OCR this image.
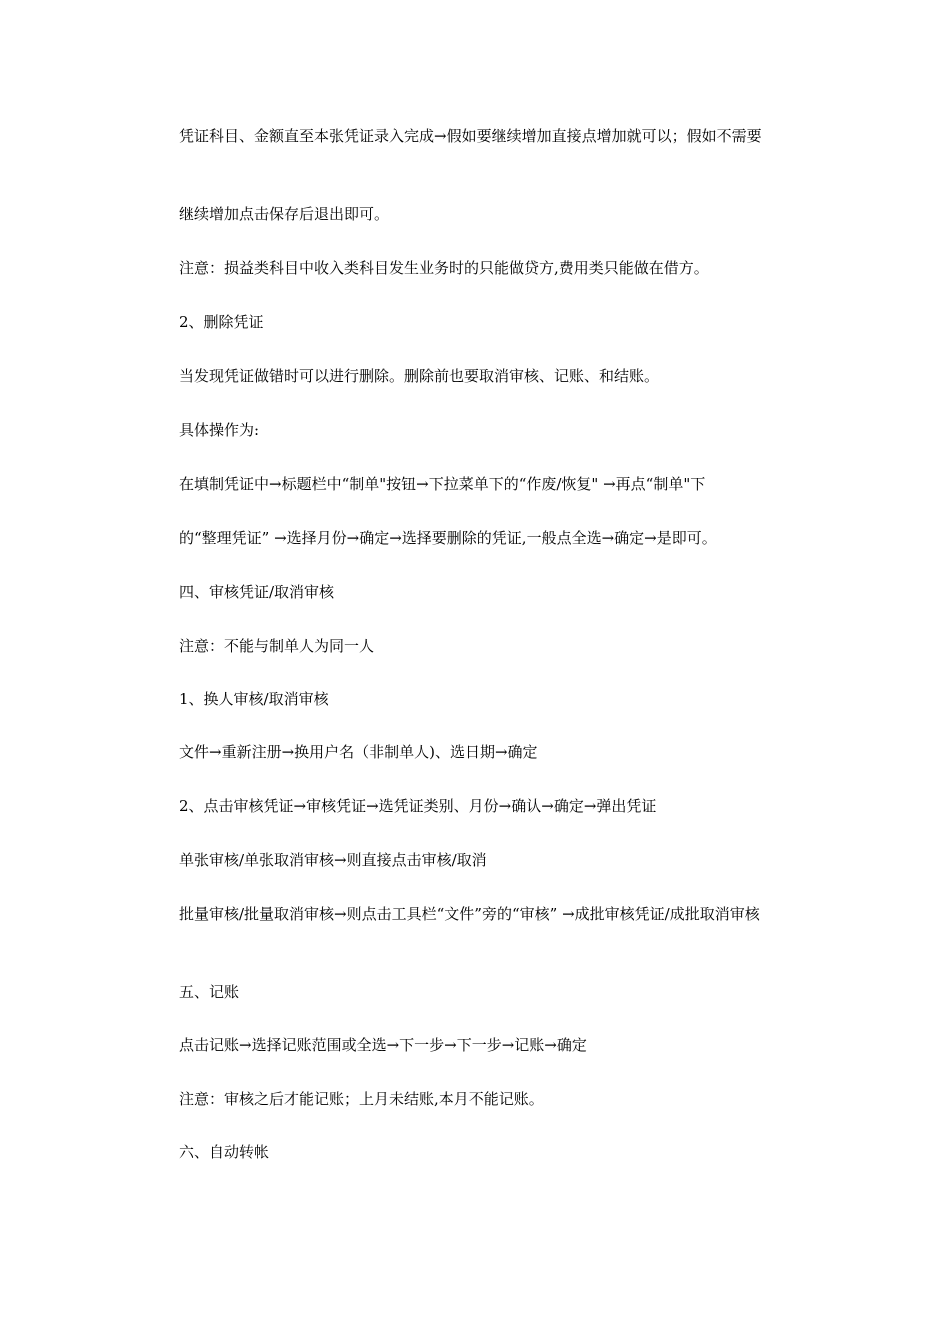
凭证科目、金额直至本张凭证录入完成→假如要继续增加直接点增加就可以；假如不需要

继续增加点击保存后退出即可。

注意：损益类科目中收入类科目发生业务时的只能做贷方,费用类只能做在借方。

2、删除凭证

当发现凭证做错时可以进行删除。删除前也要取消审核、记账、和结账。

具体操作为:

在填制凭证中→标题栏中“制单"按钮→下拉菜单下的“作废/恢复" →再点“制单"下

的“整理凭证” →选择月份→确定→选择要删除的凭证,一般点全选→确定→是即可。

四、审核凭证/取消审核

注意：不能与制单人为同一人

1、换人审核/取消审核

文件→重新注册→换用户名（非制单人)、选日期→确定

2、点击审核凭证→审核凭证→选凭证类别、月份→确认→确定→弹出凭证

单张审核/单张取消审核→则直接点击审核/取消

批量审核/批量取消审核→则点击工具栏“文件”旁的“审核” →成批审核凭证/成批取消审核

五、记账

点击记账→选择记账范围或全选→下一步→下一步→记账→确定

注意：审核之后才能记账；上月未结账,本月不能记账。

六、自动转帐
